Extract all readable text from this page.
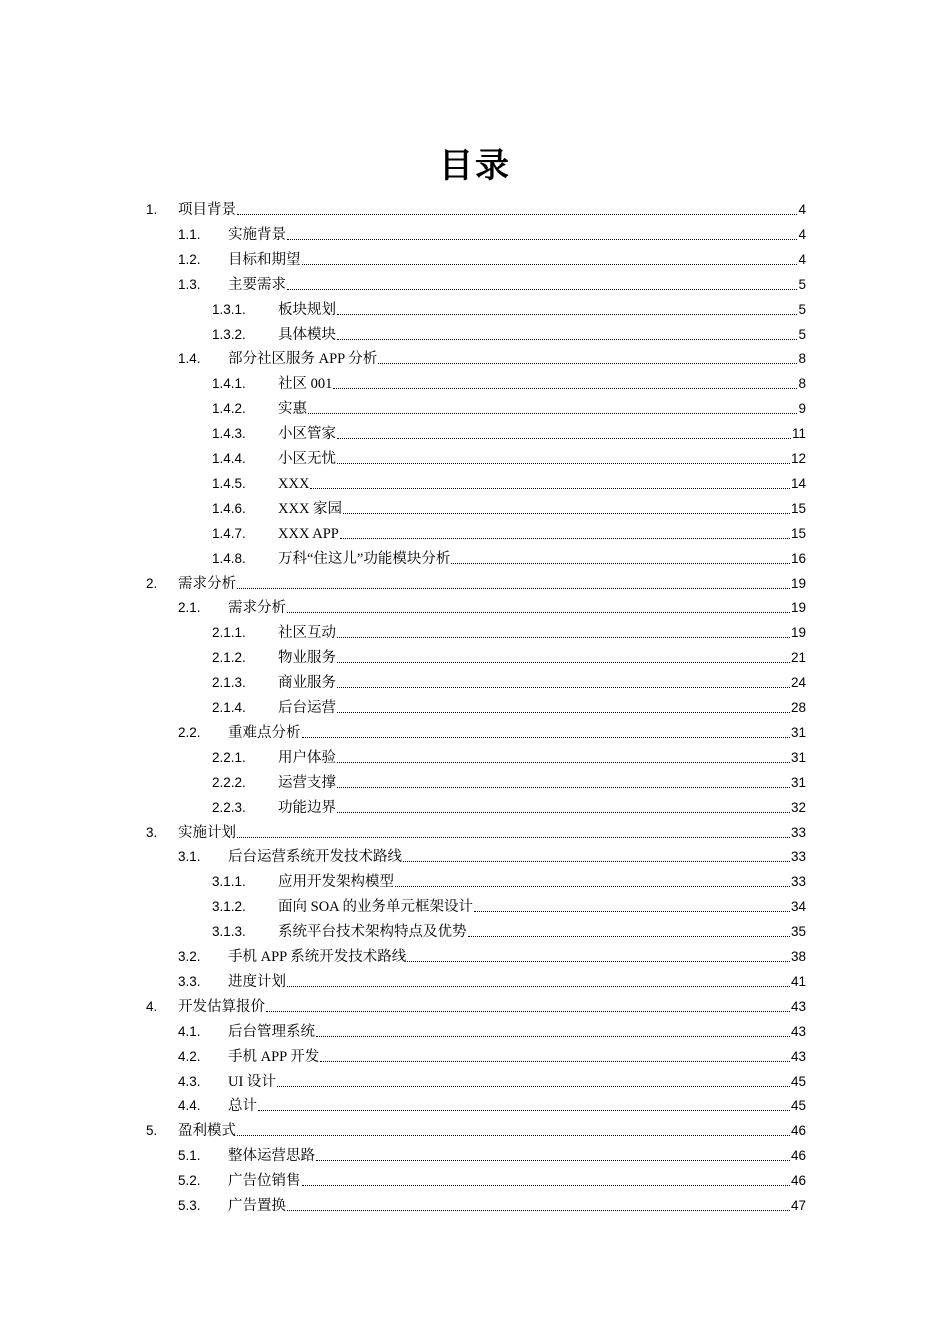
目录
1. 项目背景	4
1.1. 实施背景	4
1.2. 目标和期望	4
1.3. 主要需求	5
1.3.1. 板块规划	5
1.3.2. 具体模块	5
1.4. 部分社区服务 APP 分析	8
1.4.1. 社区 001	8
1.4.2. 实惠	9
1.4.3. 小区管家	11
1.4.4. 小区无忧	12
1.4.5. XXX	14
1.4.6. XXX 家园	15
1.4.7. XXX APP	15
1.4.8. 万科“住这儿”功能模块分析	16
2. 需求分析	19
2.1. 需求分析	19
2.1.1. 社区互动	19
2.1.2. 物业服务	21
2.1.3. 商业服务	24
2.1.4. 后台运营	28
2.2. 重难点分析	31
2.2.1. 用户体验	31
2.2.2. 运营支撑	31
2.2.3. 功能边界	32
3. 实施计划	33
3.1. 后台运营系统开发技术路线	33
3.1.1. 应用开发架构模型	33
3.1.2. 面向 SOA 的业务单元框架设计	34
3.1.3. 系统平台技术架构特点及优势	35
3.2. 手机 APP 系统开发技术路线	38
3.3. 进度计划	41
4. 开发估算报价	43
4.1. 后台管理系统	43
4.2. 手机 APP 开发	43
4.3. UI 设计	45
4.4. 总计	45
5. 盈利模式	46
5.1. 整体运营思路	46
5.2. 广告位销售	46
5.3. 广告置换	47
